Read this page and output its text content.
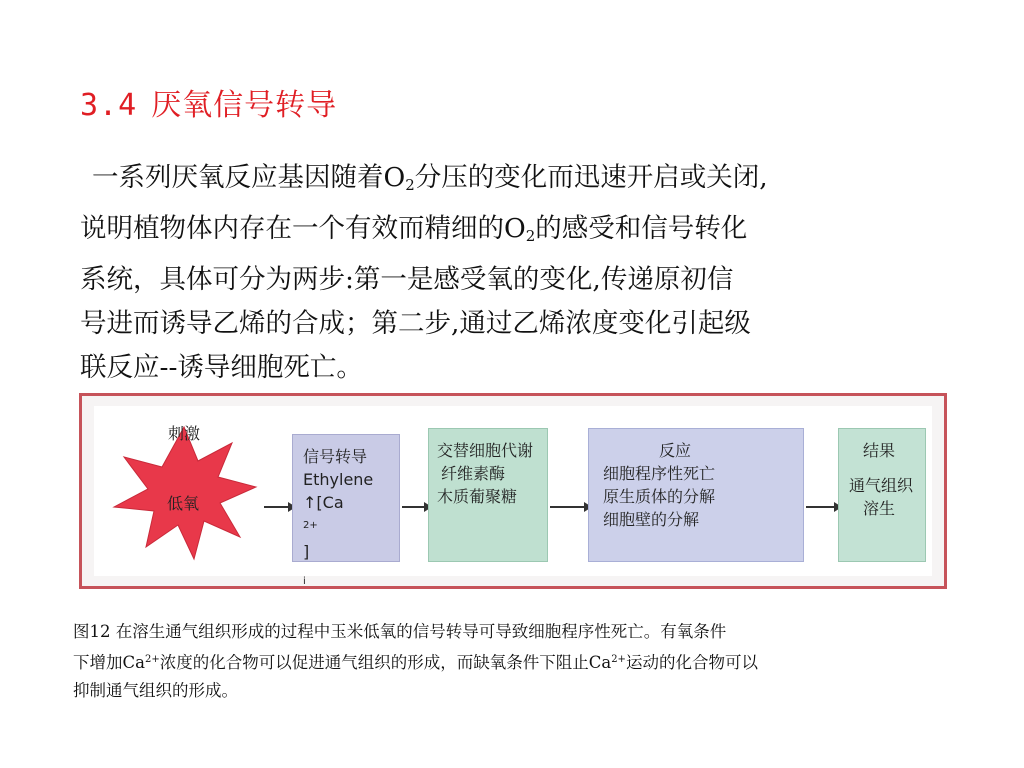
3.4 厌氧信号转导
一系列厌氧反应基因随着$O_2$分压的变化而迅速开启或关闭,
说明植物体内存在一个有效而精细的$O_2$的感受和信号转化
系统，具体可分为两步:第一是感受氧的变化,传递原初信
号进而诱导乙烯的合成；第二步,通过乙烯浓度变化引起级
联反应--诱导细胞死亡。
刺激
低氧
信号转导
Ethylene
↑[Ca
$^{2+}$
]
$_i$
交替细胞代谢
纤维素酶
木质葡聚糖
反应
细胞程序性死亡
原生质体的分解
细胞壁的分解
结果
通气组织
溶生
图12 在溶生通气组织形成的过程中玉米低氧的信号转导可导致细胞程序性死亡。有氧条件
下增加$Ca^{2+}$浓度的化合物可以促进通气组织的形成，而缺氧条件下阻止$Ca^{2+}$运动的化合物可以
抑制通气组织的形成。
